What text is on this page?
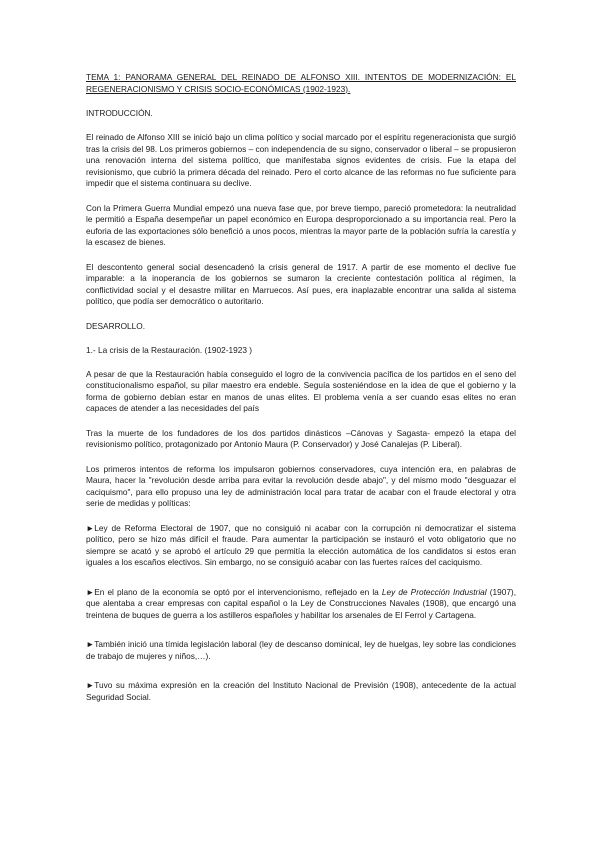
TEMA 1: PANORAMA GENERAL DEL REINADO DE ALFONSO XIII. INTENTOS DE MODERNIZACIÓN: EL REGENERACIONISMO Y CRISIS SOCIO-ECONÓMICAS (1902-1923).
INTRODUCCIÓN.

El reinado de Alfonso XIII se inició bajo un clima político y social marcado por el espíritu regeneracionista que surgió tras la crisis del 98. Los primeros gobiernos – con independencia de su signo, conservador o liberal – se propusieron una renovación interna del sistema político, que manifestaba signos evidentes de crisis. Fue la etapa del revisionismo, que cubrió la primera década del reinado. Pero el corto alcance de las reformas no fue suficiente para impedir que el sistema continuara su declive.

Con la Primera Guerra Mundial empezó una nueva fase que, por breve tiempo, pareció prometedora: la neutralidad le permitió a España desempeñar un papel económico en Europa desproporcionado a su importancia real. Pero la euforia de las exportaciones sólo benefició a unos pocos, mientras la mayor parte de la población sufría la carestía y la escasez de bienes.

El descontento general social desencadenó la crisis general de 1917. A partir de ese momento el declive fue imparable: a la inoperancia de los gobiernos se sumaron la creciente contestación política al régimen, la conflictividad social y el desastre militar en Marruecos. Así pues, era inaplazable encontrar una salida al sistema político, que podía ser democrático o autoritario.

DESARROLLO.
1.- La crisis de la Restauración. (1902-1923 )

A pesar de que la Restauración había conseguido el logro de la convivencia pacífica de los partidos en el seno del constitucionalismo español, su pilar maestro era endeble. Seguía sosteniéndose en la idea de que el gobierno y la forma de gobierno debían estar en manos de unas elites. El problema venía a ser cuando esas elites no eran capaces de atender a las necesidades del país

Tras la muerte de los fundadores de los dos partidos dinásticos –Cánovas y Sagasta- empezó la etapa del revisionismo político, protagonizado por Antonio Maura (P. Conservador) y José Canalejas (P. Liberal).

Los primeros intentos de reforma los impulsaron gobiernos conservadores, cuya intención era, en palabras de Maura, hacer la "revolución desde arriba para evitar la revolución desde abajo", y del mismo modo "desguazar el caciquismo", para ello propuso una ley de administración local para tratar de acabar con el fraude electoral y otra serie de medidas y políticas:

►Ley de Reforma Electoral de 1907, que no consiguió ni acabar con la corrupción ni democratizar el sistema político, pero se hizo más difícil el fraude. Para aumentar la participación se instauró el voto obligatorio que no siempre se acató y se aprobó el artículo 29 que permitía la elección automática de los candidatos si estos eran iguales a los escaños electivos. Sin embargo, no se consiguió acabar con las fuertes raíces del caciquismo.

►En el plano de la economía se optó por el intervencionismo, reflejado en la Ley de Protección Industrial (1907), que alentaba a crear empresas con capital español o la Ley de Construcciones Navales (1908), que encargó una treintena de buques de guerra a los astilleros españoles y habilitar los arsenales de El Ferrol y Cartagena.

►También inició una tímida legislación laboral (ley de descanso dominical, ley de huelgas, ley sobre las condiciones de trabajo de mujeres y niños,…).

►Tuvo su máxima expresión en la creación del Instituto Nacional de Previsión (1908), antecedente de la actual Seguridad Social.
